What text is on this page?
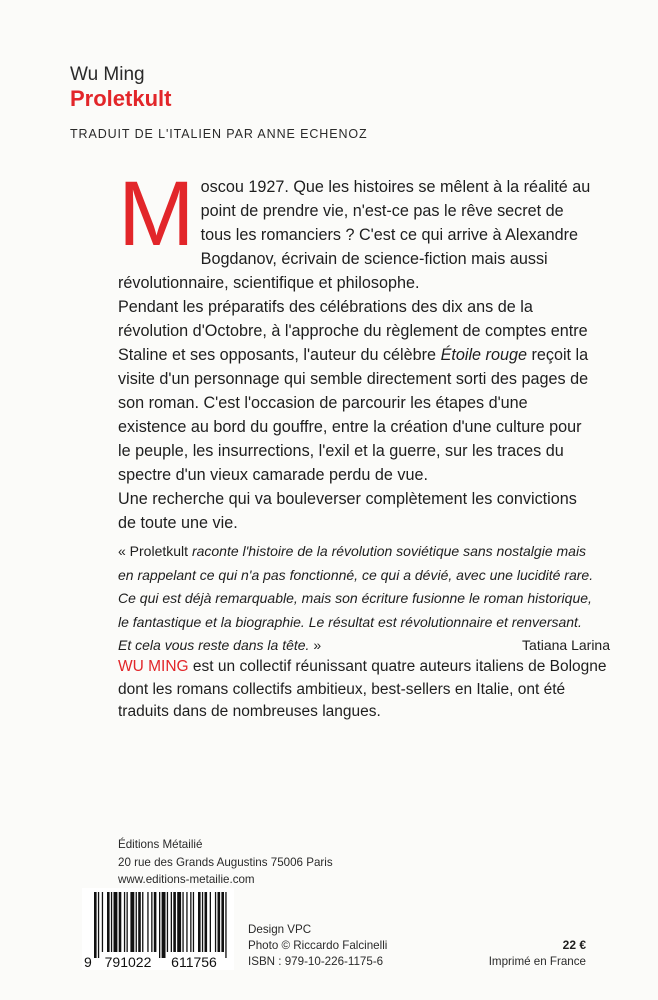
Wu Ming
Proletkult
TRADUIT DE L'ITALIEN PAR ANNE ECHENOZ
M oscou 1927. Que les histoires se mêlent à la réalité au point de prendre vie, n'est-ce pas le rêve secret de tous les romanciers ? C'est ce qui arrive à Alexandre Bogdanov, écrivain de science-fiction mais aussi révolutionnaire, scientifique et philosophe.

Pendant les préparatifs des célébrations des dix ans de la révolution d'Octobre, à l'approche du règlement de comptes entre Staline et ses opposants, l'auteur du célèbre Étoile rouge reçoit la visite d'un personnage qui semble directement sorti des pages de son roman. C'est l'occasion de parcourir les étapes d'une existence au bord du gouffre, entre la création d'une culture pour le peuple, les insurrections, l'exil et la guerre, sur les traces du spectre d'un vieux camarade perdu de vue.

Une recherche qui va bouleverser complètement les convictions de toute une vie.

« Proletkult raconte l'histoire de la révolution soviétique sans nostalgie mais
en rappelant ce qui n'a pas fonctionné, ce qui a dévié, avec une lucidité rare.
Ce qui est déjà remarquable, mais son écriture fusionne le roman historique,
le fantastique et la biographie. Le résultat est révolutionnaire et renversant.
Et cela vous reste dans la tête. »	Tatiana Larina
WU MING est un collectif réunissant quatre auteurs italiens de Bologne dont les romans collectifs ambitieux, best-sellers en Italie, ont été traduits dans de nombreuses langues.
Éditions Métailié
20 rue des Grands Augustins 75006 Paris
www.editions-metailie.com
9 791022 611756
Design VPC
Photo © Riccardo Falcinelli
ISBN : 979-10-226-1175-6
22 €
Imprimé en France
